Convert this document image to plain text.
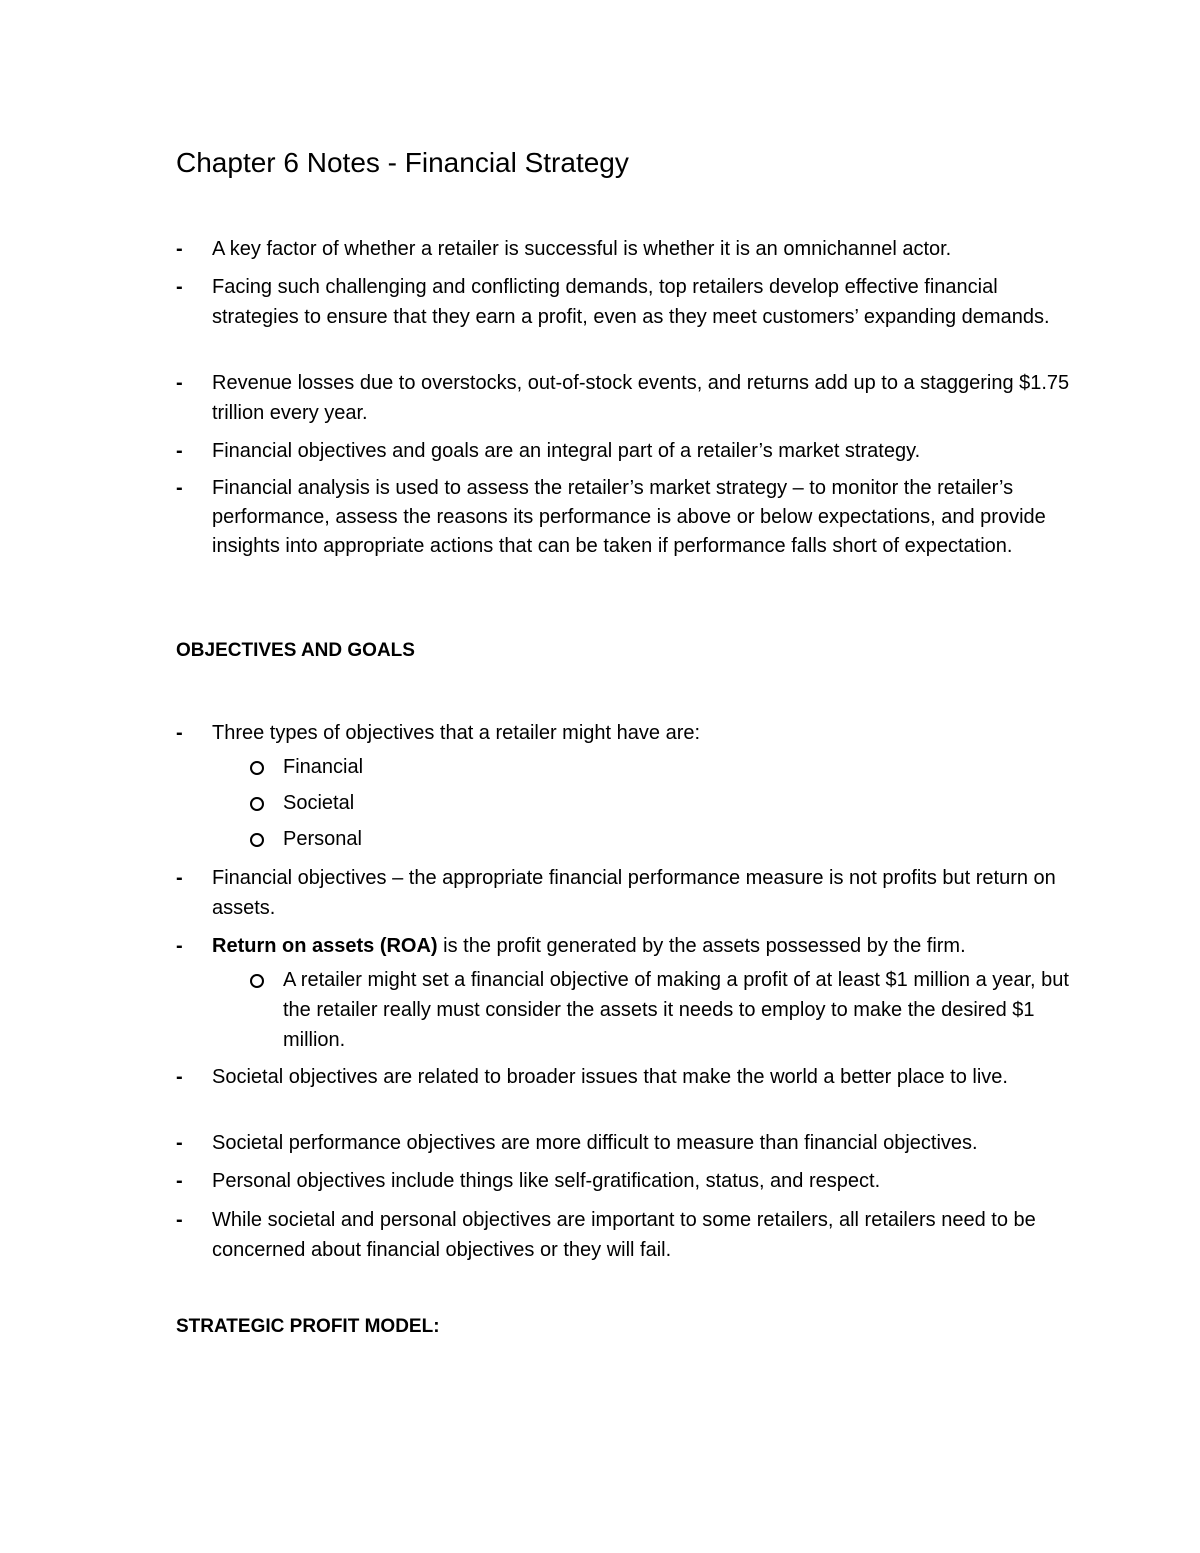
Chapter 6 Notes - Financial Strategy
-	A key factor of whether a retailer is successful is whether it is an omnichannel actor.
-	Facing such challenging and conflicting demands, top retailers develop effective financial strategies to ensure that they earn a profit, even as they meet customers’ expanding demands.
-	Revenue losses due to overstocks, out-of-stock events, and returns add up to a staggering $1.75 trillion every year.
-	Financial objectives and goals are an integral part of a retailer’s market strategy.
-	Financial analysis is used to assess the retailer’s market strategy – to monitor the retailer’s performance, assess the reasons its performance is above or below expectations, and provide insights into appropriate actions that can be taken if performance falls short of expectation.
OBJECTIVES AND GOALS
-	Three types of objectives that a retailer might have are:
Financial
Societal
Personal
-	Financial objectives – the appropriate financial performance measure is not profits but return on assets.
-	Return on assets (ROA) is the profit generated by the assets possessed by the firm.
A retailer might set a financial objective of making a profit of at least $1 million a year, but the retailer really must consider the assets it needs to employ to make the desired $1 million.
-	Societal objectives are related to broader issues that make the world a better place to live.
-	Societal performance objectives are more difficult to measure than financial objectives.
-	Personal objectives include things like self-gratification, status, and respect.
-	While societal and personal objectives are important to some retailers, all retailers need to be concerned about financial objectives or they will fail.
STRATEGIC PROFIT MODEL:
